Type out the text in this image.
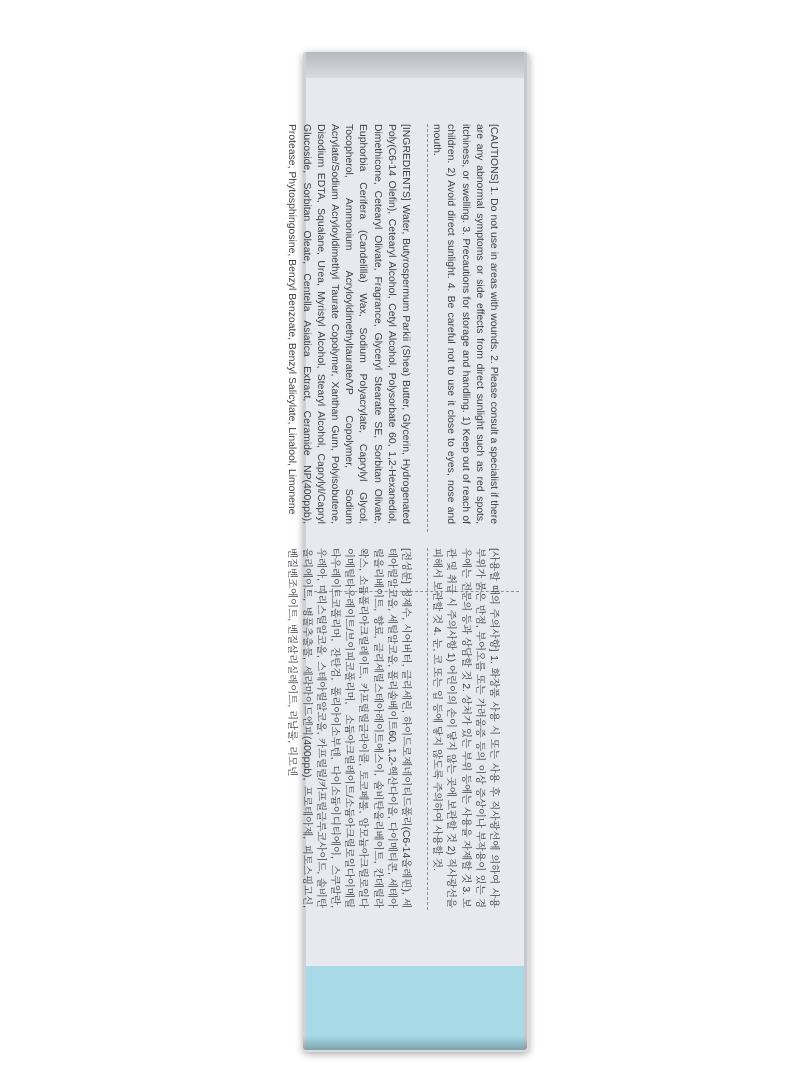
[INGREDIENTS] Water, Butyrospermum Parkii (Shea) Butter, Glycerin, Hydrogenated Poly(C6-14 Olefin), Cetearyl Alcohol, Cetyl Alcohol, Polysorbate 60, 1,2-Hexanediol, Dimethicone, Cetearyl Olivate, Fragrance, Glyceryl Stearate SE, Sorbitan Olivate, Euphorbia Cerifera (Candelilla) Wax, Sodium Polyacrylate, Caprylyl Glycol, Tocopherol, Ammonium Acryloyldimethyltaurate/VP Copolymer, Sodium Acrylate/Sodium Acryloyldimethyl Taurate Copolymer, Xanthan Gum, Polyisobutene, Disodium EDTA, Squalane, Urea, Myristyl Alcohol, Stearyl Alcohol, Caprylyl/Capryl Glucoside, Sorbitan Oleate, Centella Asiatica Extract, Ceramide NP(400ppb), Protease, Phytosphingosine, Benzyl Benzoate, Benzyl Salicylate, Linalool, Limonene	[CAUTIONS] 1. Do not use in areas with wounds. 2. Please consult a specialist if there are any abnormal symptoms or side effects from direct sunlight such as red spots, itchiness, or swelling. 3. Precautions for storage and handling. 1) Keep out of reach of children. 2) Avoid direct sunlight. 4. Be careful not to use it close to eyes, nose and mouth.

[전성분] 정제수, 시어버터, 글리세린, 하이드로제네이티드폴리(C6-14올레핀), 세테아릴알코올, 세틸알코올, 폴리솔베이트60, 1,2-헥산다이올, 다이메티콘, 세테아릴올리베이트, 향료, 글리세릴스테아레이트에스이, 솔비탄올리베이트, 칸데릴라왁스, 소듐폴리아크릴레이트, 카프릴릴글라이콜, 토코페롤, 암모늄아크릴로일다이메틸타우레이트/브이피코폴리머, 소듐아크릴레이트/소듐아크릴로일다이메틸타우레이트코폴리머, 잔탄검, 폴리아이소부텐, 다이소듐이디티에이, 스쿠알란, 우레아, 미리스틸알코올, 스테아릴알코올, 카프릴릴/카프릴글루코사이드, 솔비탄올리에이트, 병풀추출물, 세라마이드엔피(400ppb), 프로테아제, 피토스핑고신, 벤질벤조에이트, 벤질살리실레이트, 리날룰, 리모넨	[사용할 때의 주의사항] 1. 화장품 사용 시 또는 사용 후 직사광선에 의하여 사용부위가 붉은 반점, 부어오름 또는 가려움증 등의 이상 증상이나 부작용이 있는 경우에는 전문의 등과 상담할 것 2. 상처가 있는 부위 등에는 사용을 자제할 것 3. 보관 및 취급 시 주의사항 1) 어린이의 손이 닿지 않는 곳에 보관할 것 2) 직사광선을 피해서 보관할 것 4. 눈, 코 또는 입 등에 닿지 않도록 주의하여 사용할 것.
